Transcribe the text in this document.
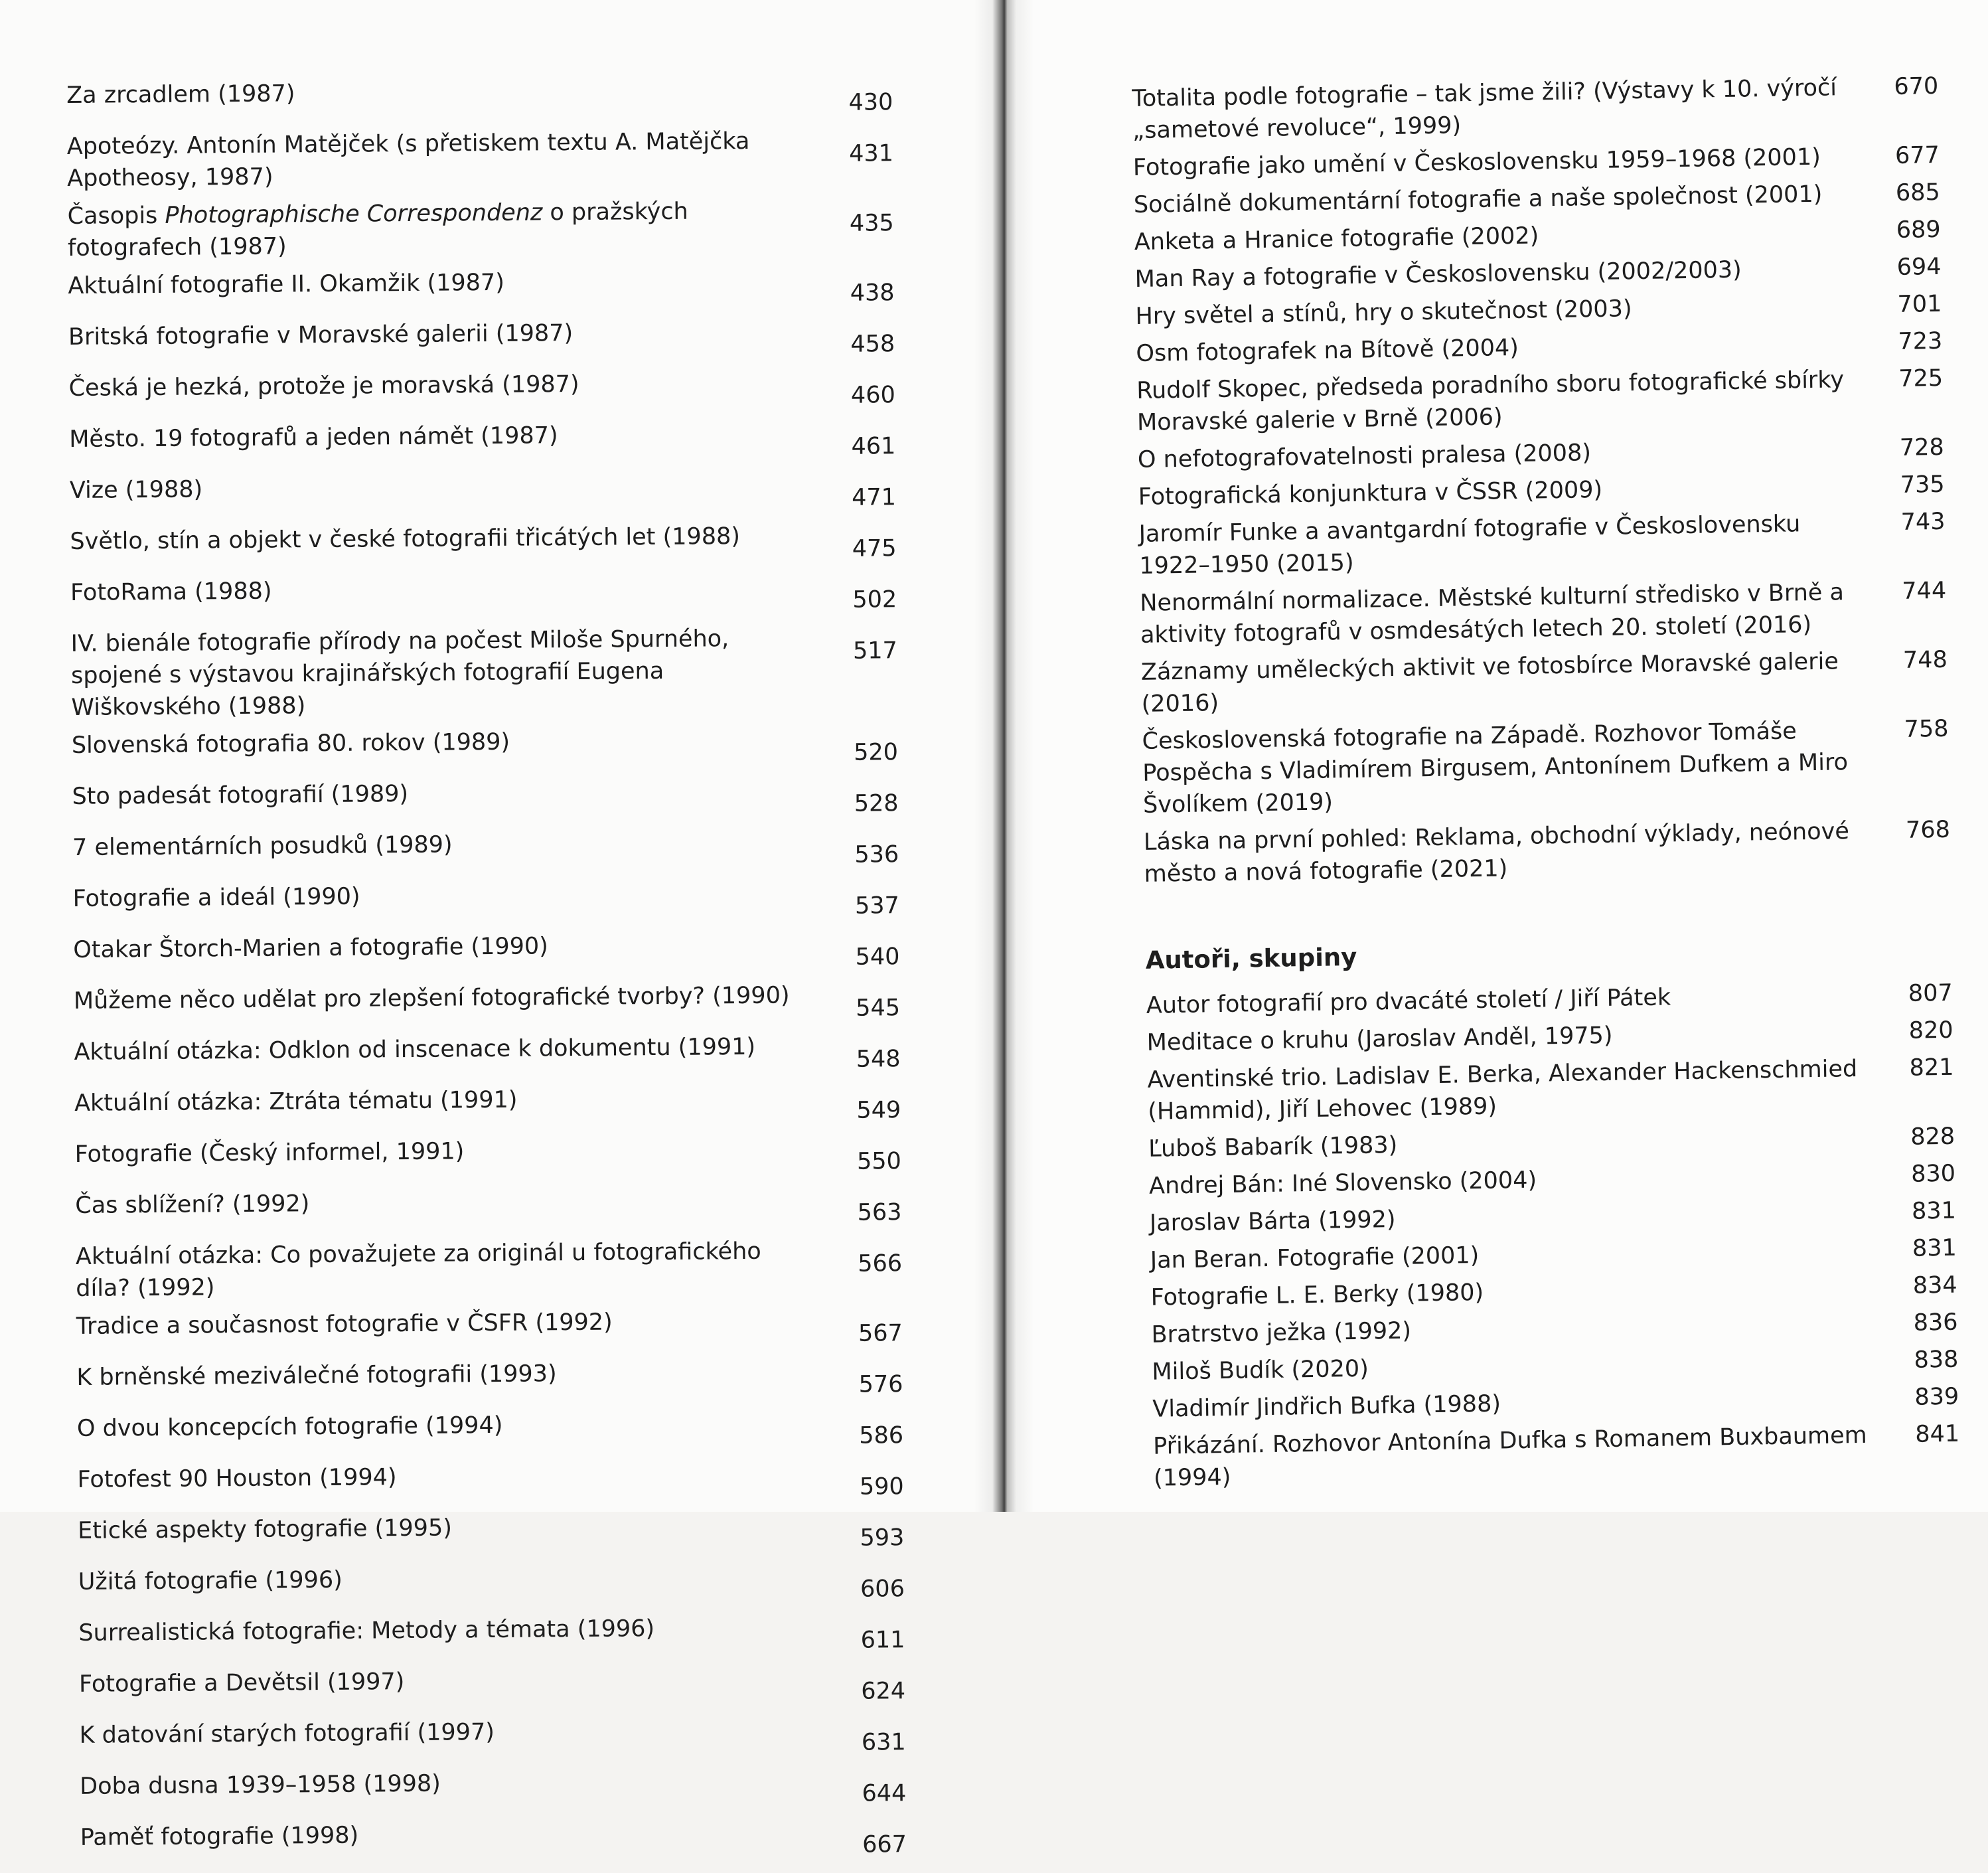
Za zrcadlem (1987)	430
Apoteózy. Antonín Matějček (s přetiskem textu A. Matějčka Apotheosy, 1987)
431
Časopis Photographische Correspondenz o pražských fotografech (1987)
435
Aktuální fotografie II. Okamžik (1987)	438
Britská fotografie v Moravské galerii (1987)	458
Česká je hezká, protože je moravská (1987)	460
Město. 19 fotografů a jeden námět (1987)	461
Vize (1988)	471
Světlo, stín a objekt v české fotografii třicátých let (1988)	475
FotoRama (1988)	502
IV. bienále fotografie přírody na počest Miloše Spurného, spojené s výstavou krajinářských fotografií Eugena Wiškovského (1988)
517
Slovenská fotografia 80. rokov (1989)	520
Sto padesát fotografií (1989)	528
7 elementárních posudků (1989)	536
Fotografie a ideál (1990)	537
Otakar Štorch-Marien a fotografie (1990)	540
Můžeme něco udělat pro zlepšení fotografické tvorby? (1990)	545
Aktuální otázka: Odklon od inscenace k dokumentu (1991)	548
Aktuální otázka: Ztráta tématu (1991)	549
Fotografie (Český informel, 1991)	550
Čas sblížení? (1992)	563
Aktuální otázka: Co považujete za originál u fotografického díla? (1992)
566
Tradice a současnost fotografie v ČSFR (1992)	567
K brněnské meziválečné fotografii (1993)	576
O dvou koncepcích fotografie (1994)	586
Fotofest 90 Houston (1994)	590
Etické aspekty fotografie (1995)	593
Užitá fotografie (1996)	606
Surrealistická fotografie: Metody a témata (1996)	611
Fotografie a Devětsil (1997)	624
K datování starých fotografií (1997)	631
Doba dusna 1939–1958 (1998)	644
Paměť fotografie (1998)	667
Totalita podle fotografie – tak jsme žili? (Výstavy k 10. výročí „sametové revoluce“, 1999)
670
Fotografie jako umění v Československu 1959–1968 (2001)	677
Sociálně dokumentární fotografie a naše společnost (2001)	685
Anketa a Hranice fotografie (2002)	689
Man Ray a fotografie v Československu (2002/2003)	694
Hry světel a stínů, hry o skutečnost (2003)	701
Osm fotografek na Bítově (2004)	723
Rudolf Skopec, předseda poradního sboru fotografické sbírky Moravské galerie v Brně (2006)
725
O nefotografovatelnosti pralesa (2008)	728
Fotografická konjunktura v ČSSR (2009)	735
Jaromír Funke a avantgardní fotografie v Československu 1922–1950 (2015)
743
Nenormální normalizace. Městské kulturní středisko v Brně a aktivity fotografů v osmdesátých letech 20. století (2016)
744
Záznamy uměleckých aktivit ve fotosbírce Moravské galerie (2016)
748
Československá fotografie na Západě. Rozhovor Tomáše Pospěcha s Vladimírem Birgusem, Antonínem Dufkem a Miro Švolíkem (2019)
758
Láska na první pohled: Reklama, obchodní výklady, neónové město a nová fotografie (2021)
768
Autoři, skupiny
Autor fotografií pro dvacáté století / Jiří Pátek	807
Meditace o kruhu (Jaroslav Anděl, 1975)	820
Aventinské trio. Ladislav E. Berka, Alexander Hackenschmied (Hammid), Jiří Lehovec (1989)
821
Ľuboš Babarík (1983)	828
Andrej Bán: Iné Slovensko (2004)	830
Jaroslav Bárta (1992)	831
Jan Beran. Fotografie (2001)	831
Fotografie L. E. Berky (1980)	834
Bratrstvo ježka (1992)	836
Miloš Budík (2020)	838
Vladimír Jindřich Bufka (1988)	839
Přikázání. Rozhovor Antonína Dufka s Romanem Buxbaumem (1994)
841
